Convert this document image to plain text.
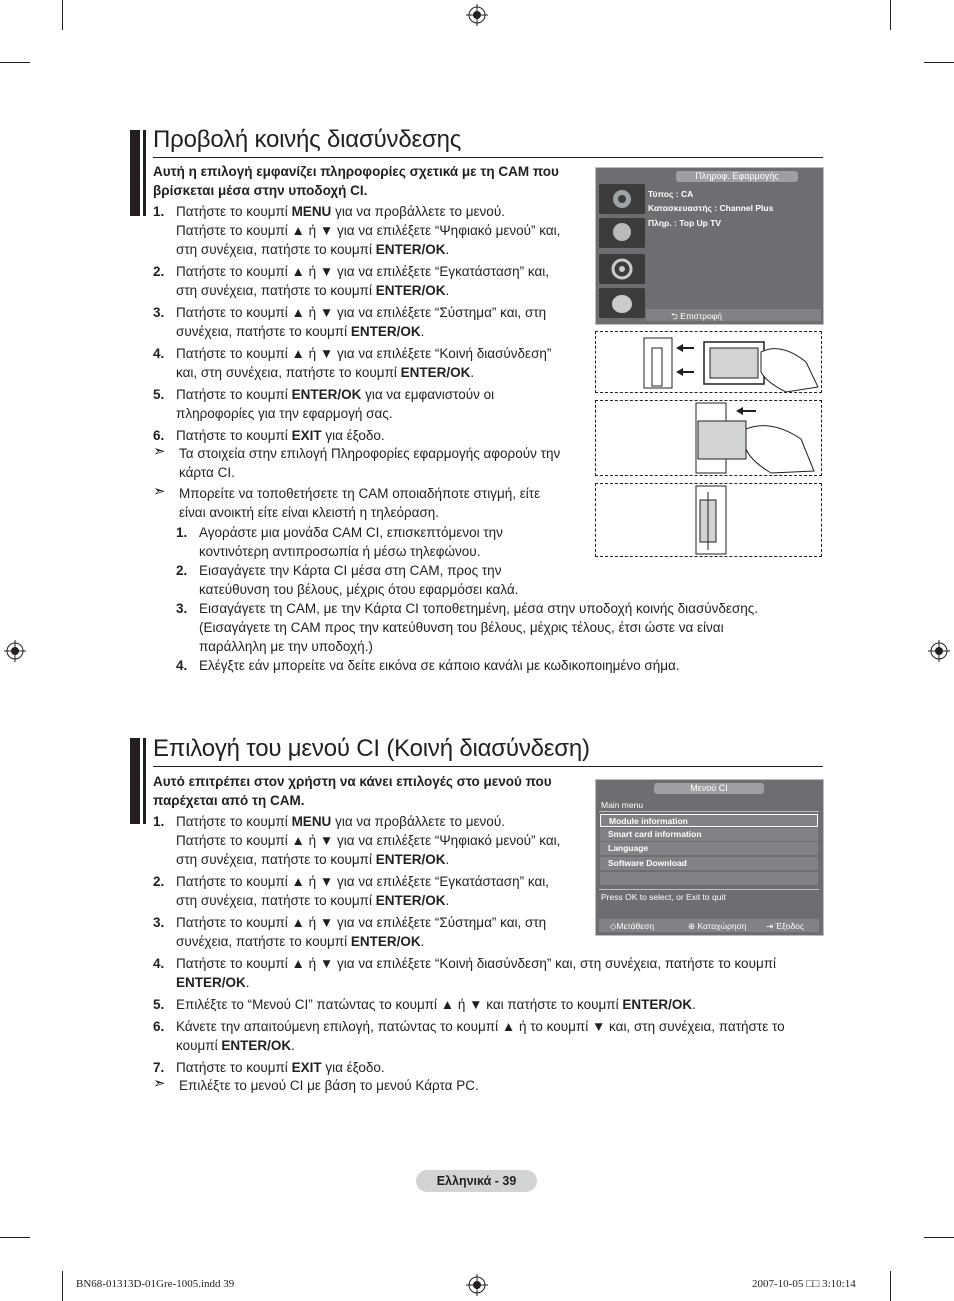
Προβολή κοινής διασύνδεσης
Αυτή η επιλογή εμφανίζει πληροφορίες σχετικά με τη CAM που
βρίσκεται μέσα στην υποδοχή CI.
1. Πατήστε το κουμπί MENU για να προβάλλετε το μενού.
Πατήστε το κουμπί ▲ ή ▼ για να επιλέξετε “Ψηφιακό μενού” και,
στη συνέχεια, πατήστε το κουμπί ENTER/OK.
2. Πατήστε το κουμπί ▲ ή ▼ για να επιλέξετε “Εγκατάσταση” και,
στη συνέχεια, πατήστε το κουμπί ENTER/OK.
3. Πατήστε το κουμπί ▲ ή ▼ για να επιλέξετε “Σύστημα” και, στη
συνέχεια, πατήστε το κουμπί ENTER/OK.
4. Πατήστε το κουμπί ▲ ή ▼ για να επιλέξετε “Κοινή διασύνδεση”
και, στη συνέχεια, πατήστε το κουμπί ENTER/OK.
5. Πατήστε το κουμπί ENTER/OK για να εμφανιστούν οι
πληροφορίες για την εφαρμογή σας.
6. Πατήστε το κουμπί EXIT για έξοδο.
➣ Τα στοιχεία στην επιλογή Πληροφορίες εφαρμογής αφορούν την
κάρτα CI.
➣ Μπορείτε να τοποθετήσετε τη CAM οποιαδήποτε στιγμή, είτε
είναι ανοικτή είτε είναι κλειστή η τηλεόραση.
1. Αγοράστε μια μονάδα CAM CI, επισκεπτόμενοι την
κοντινότερη αντιπροσωπία ή μέσω τηλεφώνου.
2. Εισαγάγετε την Κάρτα CI μέσα στη CAM, προς την
κατεύθυνση του βέλους, μέχρις ότου εφαρμόσει καλά.
3. Εισαγάγετε τη CAM, με την Κάρτα CI τοποθετημένη, μέσα στην υποδοχή κοινής διασύνδεσης.
(Εισαγάγετε τη CAM προς την κατεύθυνση του βέλους, μέχρις τέλους, έτσι ώστε να είναι
παράλληλη με την υποδοχή.)
4. Ελέγξτε εάν μπορείτε να δείτε εικόνα σε κάποιο κανάλι με κωδικοποιημένο σήμα.
Πληροφ. Εφαρμογής
Τύπος : CA
Κατασκευαστής : Channel Plus
Πληρ. : Top Up TV
⮌ Επιστροφή
Επιλογή του μενού CI (Κοινή διασύνδεση)
Αυτό επιτρέπει στον χρήστη να κάνει επιλογές στο μενού που
παρέχεται από τη CAM.
1. Πατήστε το κουμπί MENU για να προβάλλετε το μενού.
Πατήστε το κουμπί ▲ ή ▼ για να επιλέξετε “Ψηφιακό μενού” και,
στη συνέχεια, πατήστε το κουμπί ENTER/OK.
2. Πατήστε το κουμπί ▲ ή ▼ για να επιλέξετε “Εγκατάσταση” και,
στη συνέχεια, πατήστε το κουμπί ENTER/OK.
3. Πατήστε το κουμπί ▲ ή ▼ για να επιλέξετε “Σύστημα” και, στη
συνέχεια, πατήστε το κουμπί ENTER/OK.
4. Πατήστε το κουμπί ▲ ή ▼ για να επιλέξετε “Κοινή διασύνδεση” και, στη συνέχεια, πατήστε το κουμπί
ENTER/OK.
5. Επιλέξτε το “Μενού CI” πατώντας το κουμπί ▲ ή ▼ και πατήστε το κουμπί ENTER/OK.
6. Κάνετε την απαιτούμενη επιλογή, πατώντας το κουμπί ▲ ή το κουμπί ▼ και, στη συνέχεια, πατήστε το
κουμπί ENTER/OK.
7. Πατήστε το κουμπί EXIT για έξοδο.
➣ Επιλέξτε το μενού CI με βάση το μενού Κάρτα PC.
Μενού CI
Main menu
Module information
Smart card information
Language
Software Download
Press OK to select, or Exit to quit
◇Μετάθεση	⊕ Καταχώρηση ⇥ Έξοδος
Ελληνικά - 39
BN68-01313D-01Gre-1005.indd 39	2007-10-05 □□ 3:10:14
